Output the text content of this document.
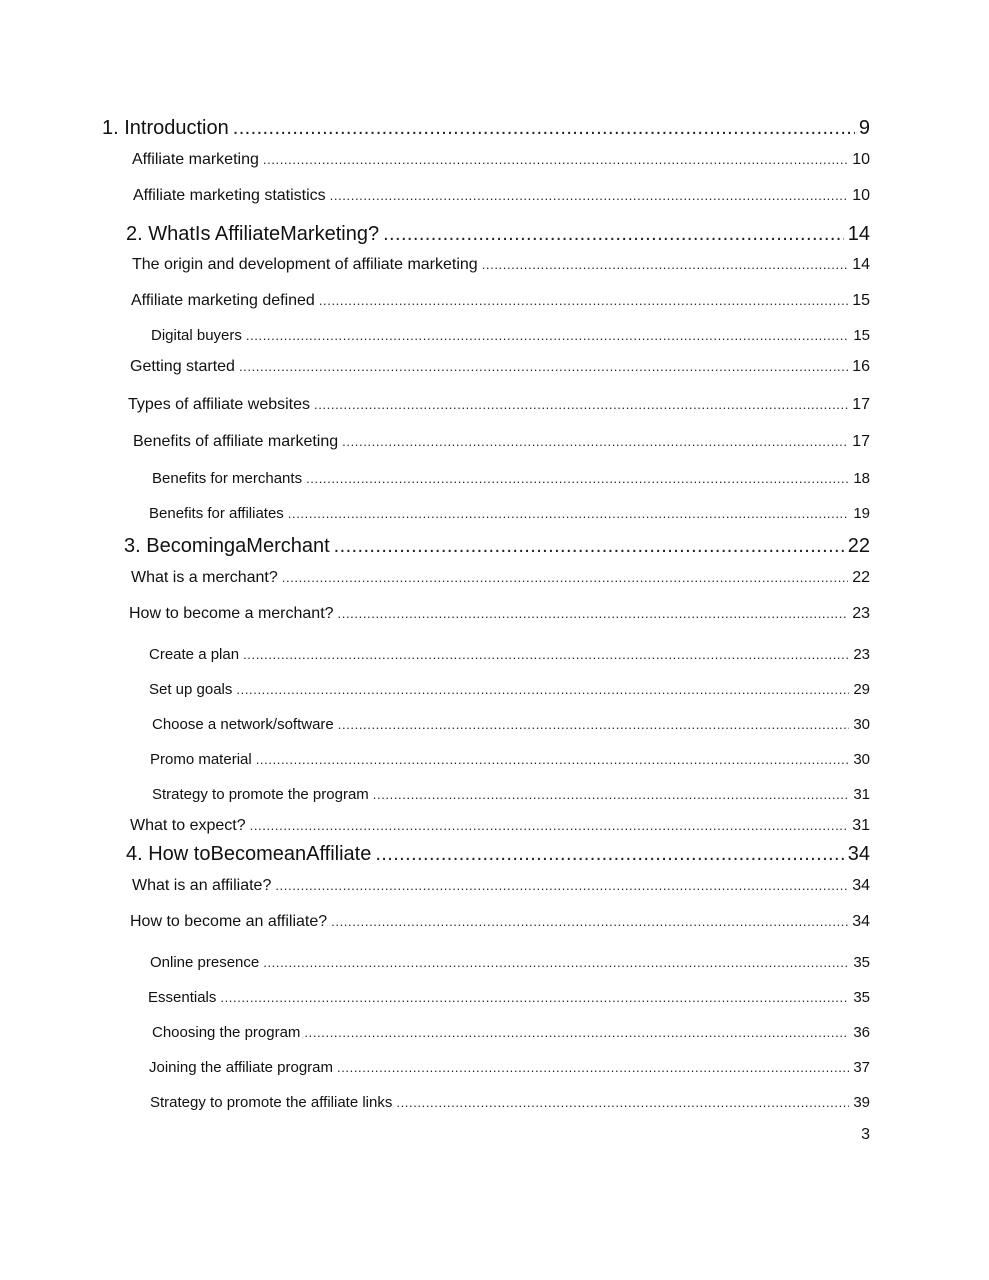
1. Introduction .....	9
Affiliate marketing .....	10
Affiliate marketing statistics .....	10
2. WhatIs AffiliateMarketing? .....	14
The origin and development of affiliate marketing .....	14
Affiliate marketing defined .....	15
Digital buyers .....	15
Getting started .....	16
Types of affiliate websites .....	17
Benefits of affiliate marketing .....	17
Benefits for merchants .....	18
Benefits for affiliates .....	19
3. BecomingaMerchant .....	22
What is a merchant? .....	22
How to become a merchant? .....	23
Create a plan .....	23
Set up goals .....	29
Choose a network/software .....	30
Promo material .....	30
Strategy to promote the program .....	31
What to expect? .....	31
4. How toBecomeanAffiliate .....	34
What is an affiliate? .....	34
How to become an affiliate? .....	34
Online presence .....	35
Essentials .....	35
Choosing the program .....	36
Joining the affiliate program .....	37
Strategy to promote the affiliate links .....	39
3
